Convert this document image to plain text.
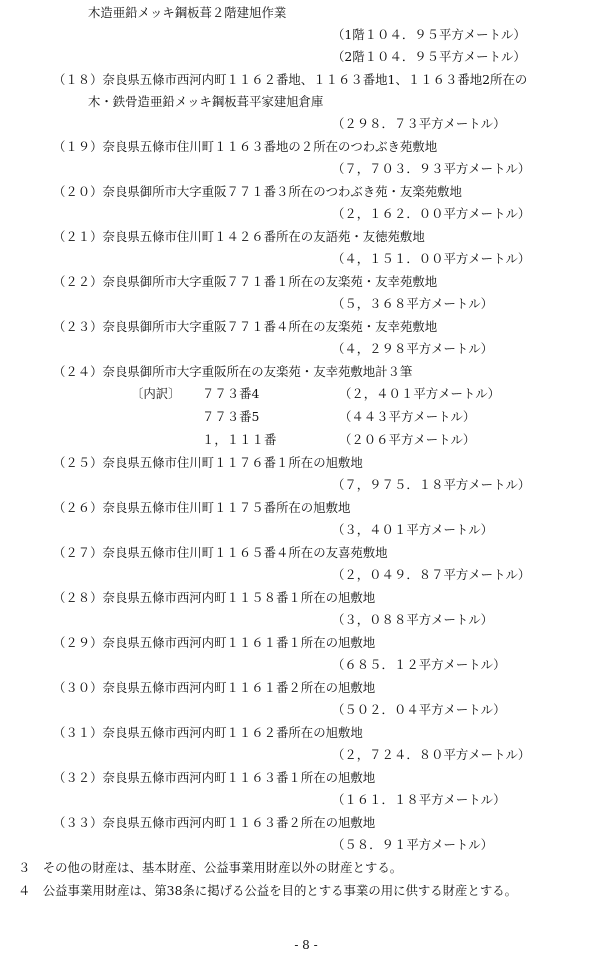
木造亜鉛メッキ鋼板葺２階建旭作業
（1階１０４．９５平方メートル）
（2階１０４．９５平方メートル）
（１８）奈良県五條市西河内町１１６２番地、１１６３番地1、１１６３番地2所在の
木・鉄骨造亜鉛メッキ鋼板葺平家建旭倉庫
（２９８．７３平方メートル）
（１９）奈良県五條市住川町１１６３番地の２所在のつわぶき苑敷地
（７，７０３．９３平方メートル）
（２０）奈良県御所市大字重阪７７１番３所在のつわぶき苑・友楽苑敷地
（２，１６２．００平方メートル）
（２１）奈良県五條市住川町１４２６番所在の友語苑・友徳苑敷地
（４，１５１．００平方メートル）
（２２）奈良県御所市大字重阪７７１番１所在の友楽苑・友幸苑敷地
（５，３６８平方メートル）
（２３）奈良県御所市大字重阪７７１番４所在の友楽苑・友幸苑敷地
（４，２９８平方メートル）
（２４）奈良県御所市大字重阪所在の友楽苑・友幸苑敷地計３筆
〔内訳〕 ７７３番4	（２，４０１平方メートル）
７７３番5	（４４３平方メートル）
１，１１１番	（２０６平方メートル）
（２５）奈良県五條市住川町１１７６番１所在の旭敷地
（７，９７５．１８平方メートル）
（２６）奈良県五條市住川町１１７５番所在の旭敷地
（３，４０１平方メートル）
（２７）奈良県五條市住川町１１６５番４所在の友喜苑敷地
（２，０４９．８７平方メートル）
（２８）奈良県五條市西河内町１１５８番１所在の旭敷地
（３，０８８平方メートル）
（２９）奈良県五條市西河内町１１６１番１所在の旭敷地
（６８５．１２平方メートル）
（３０）奈良県五條市西河内町１１６１番２所在の旭敷地
（５０２．０４平方メートル）
（３１）奈良県五條市西河内町１１６２番所在の旭敷地
（２，７２４．８０平方メートル）
（３２）奈良県五條市西河内町１１６３番１所在の旭敷地
（１６１．１８平方メートル）
（３３）奈良県五條市西河内町１１６３番２所在の旭敷地
（５８．９１平方メートル）
３　その他の財産は、基本財産、公益事業用財産以外の財産とする。
４　公益事業用財産は、第38条に掲げる公益を目的とする事業の用に供する財産とする。
- 8 -
